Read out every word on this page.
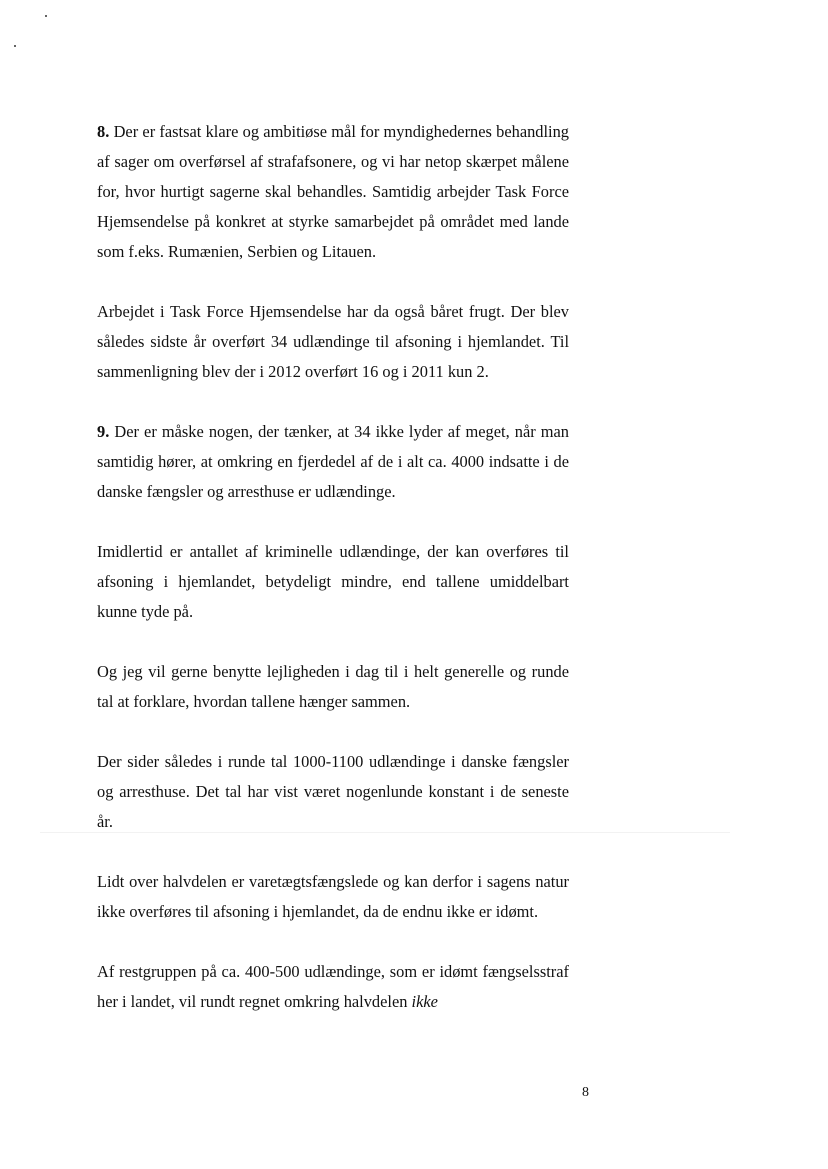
8. Der er fastsat klare og ambitiøse mål for myndighedernes behandling af sager om overførsel af strafafsonere, og vi har netop skærpet målene for, hvor hurtigt sagerne skal behandles. Samtidig arbejder Task Force Hjemsendelse på konkret at styrke samarbejdet på området med lande som f.eks. Rumænien, Serbien og Litauen.

Arbejdet i Task Force Hjemsendelse har da også båret frugt. Der blev således sidste år overført 34 udlændinge til afsoning i hjemlandet. Til sammenligning blev der i 2012 overført 16 og i 2011 kun 2.

9. Der er måske nogen, der tænker, at 34 ikke lyder af meget, når man samtidig hører, at omkring en fjerdedel af de i alt ca. 4000 indsatte i de danske fængsler og arresthuse er udlændinge.

Imidlertid er antallet af kriminelle udlændinge, der kan overføres til afsoning i hjemlandet, betydeligt mindre, end tallene umiddelbart kunne tyde på.

Og jeg vil gerne benytte lejligheden i dag til i helt generelle og runde tal at forklare, hvordan tallene hænger sammen.

Der sider således i runde tal 1000-1100 udlændinge i danske fængsler og arresthuse. Det tal har vist været nogenlunde konstant i de seneste år.

Lidt over halvdelen er varetægtsfængslede og kan derfor i sagens natur ikke overføres til afsoning i hjemlandet, da de endnu ikke er idømt.

Af restgruppen på ca. 400-500 udlændinge, som er idømt fængselsstraf her i landet, vil rundt regnet omkring halvdelen ikke

8
